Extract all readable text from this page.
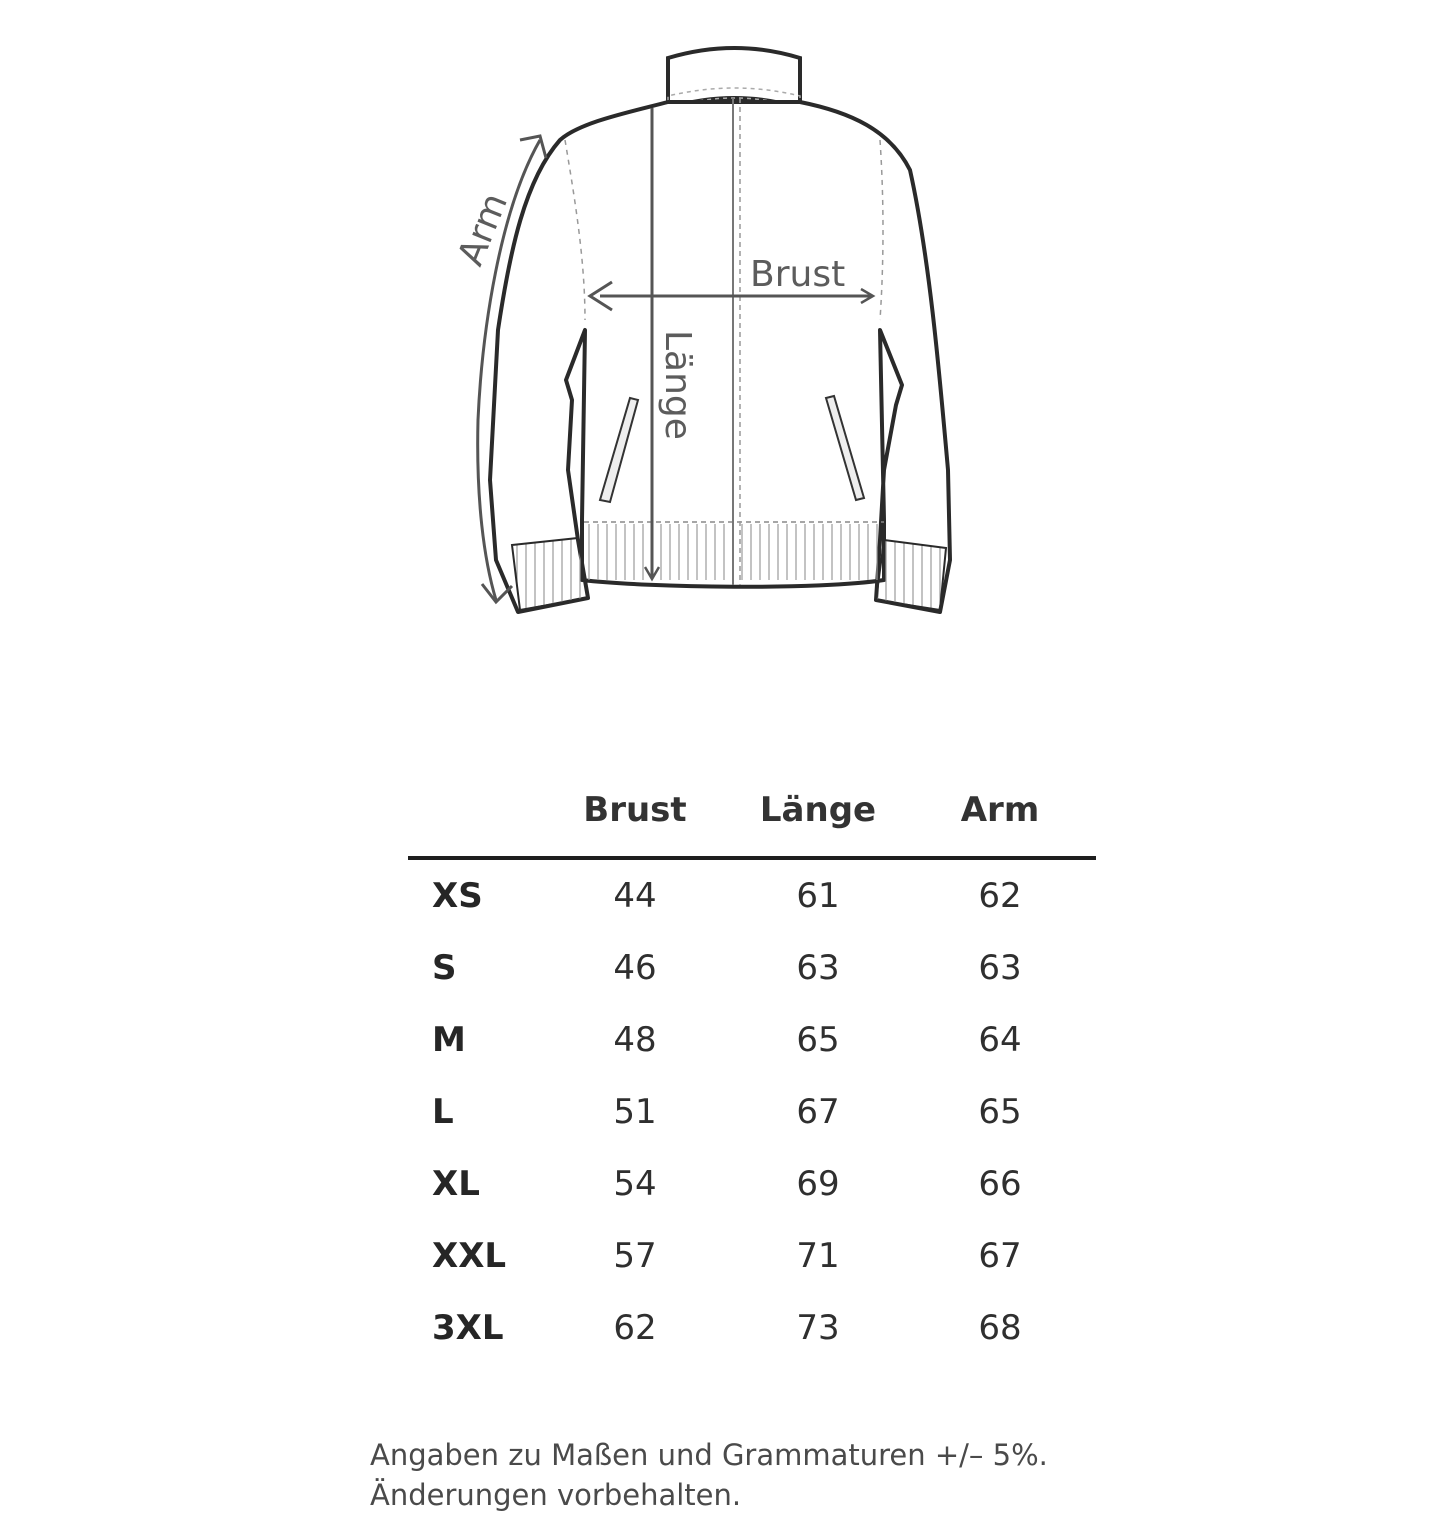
Brust
Arm
Länge
Brust	Länge	Arm
XS	44	61	62
S	46	63	63
M	48	65	64
L	51	67	65
XL	54	69	66
XXL	57	71	67
3XL	62	73	68
Angaben zu Maßen und Grammaturen +/– 5%.
Änderungen vorbehalten.
